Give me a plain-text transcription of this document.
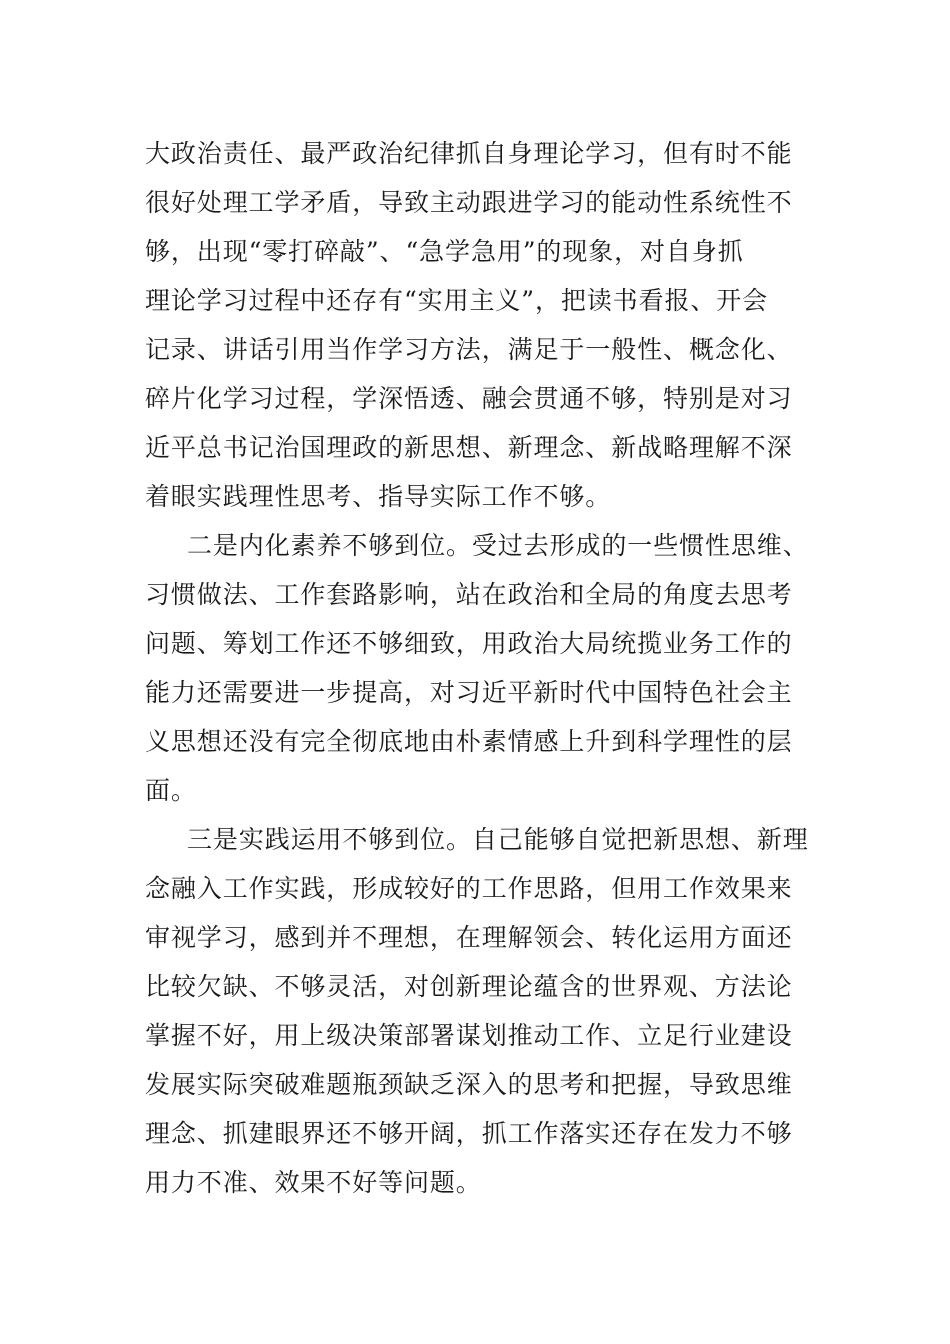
大政治责任、最严政治纪律抓自身理论学习，但有时不能
很好处理工学矛盾，导致主动跟进学习的能动性系统性不
够，出现“零打碎敲”、“急学急用”的现象，对自身抓
理论学习过程中还存有“实用主义”，把读书看报、开会
记录、讲话引用当作学习方法，满足于一般性、概念化、
碎片化学习过程，学深悟透、融会贯通不够，特别是对习
近平总书记治国理政的新思想、新理念、新战略理解不深
着眼实践理性思考、指导实际工作不够。
二是内化素养不够到位。受过去形成的一些惯性思维、
习惯做法、工作套路影响，站在政治和全局的角度去思考
问题、筹划工作还不够细致，用政治大局统揽业务工作的
能力还需要进一步提高，对习近平新时代中国特色社会主
义思想还没有完全彻底地由朴素情感上升到科学理性的层
面。
三是实践运用不够到位。自己能够自觉把新思想、新理
念融入工作实践，形成较好的工作思路，但用工作效果来
审视学习，感到并不理想，在理解领会、转化运用方面还
比较欠缺、不够灵活，对创新理论蕴含的世界观、方法论
掌握不好，用上级决策部署谋划推动工作、立足行业建设
发展实际突破难题瓶颈缺乏深入的思考和把握，导致思维
理念、抓建眼界还不够开阔，抓工作落实还存在发力不够
用力不准、效果不好等问题。
